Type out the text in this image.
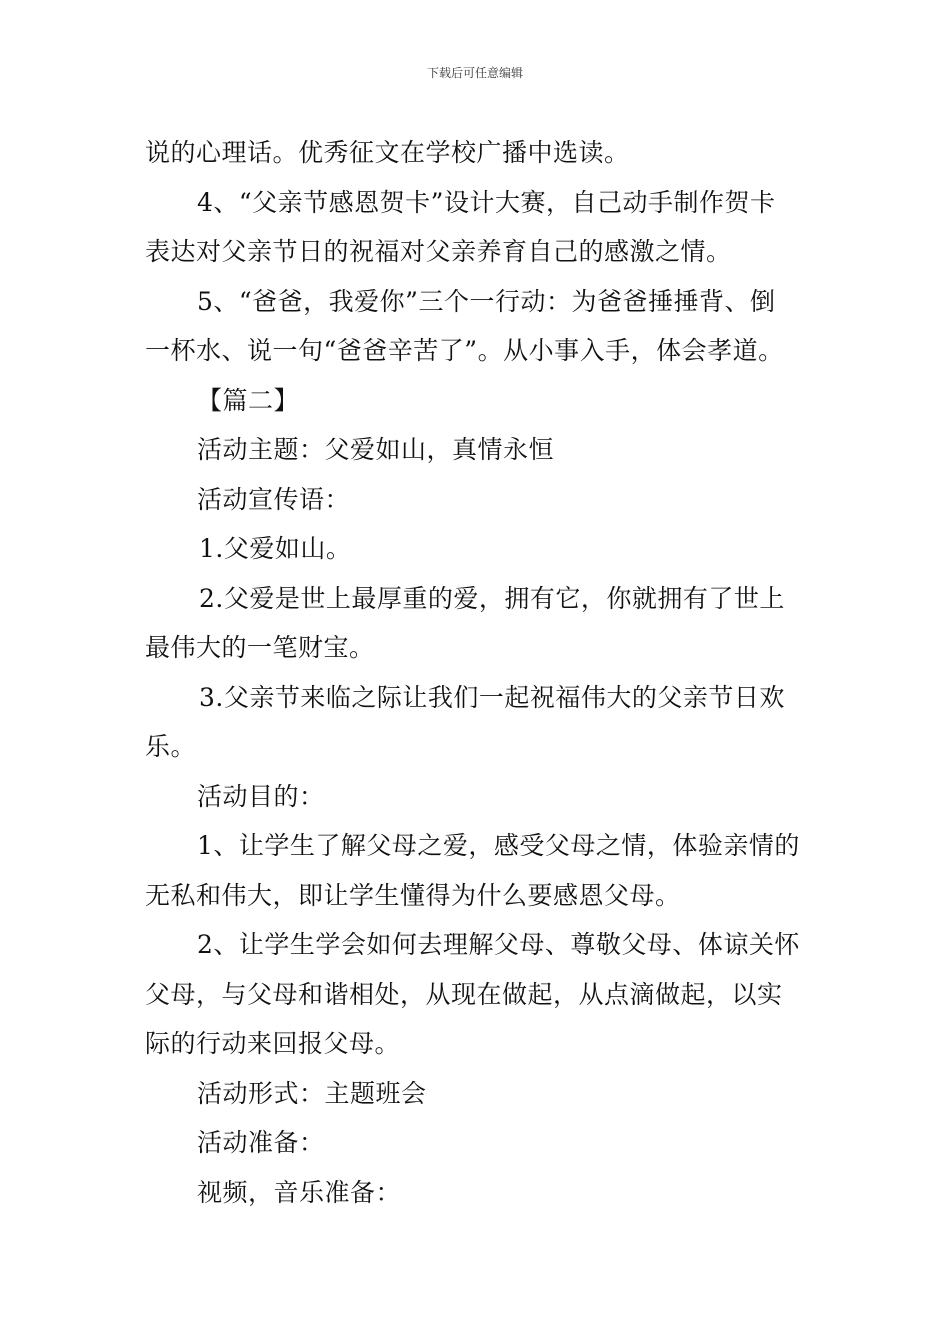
下载后可任意编辑

说的心理话。优秀征文在学校广播中选读。

4、“父亲节感恩贺卡”设计大赛，自己动手制作贺卡

表达对父亲节日的祝福对父亲养育自己的感激之情。

5、“爸爸，我爱你”三个一行动：为爸爸捶捶背、倒

一杯水、说一句“爸爸辛苦了”。从小事入手，体会孝道。

【篇二】

活动主题：父爱如山，真情永恒

活动宣传语：

1.父爱如山。

2.父爱是世上最厚重的爱，拥有它，你就拥有了世上

最伟大的一笔财宝。

3.父亲节来临之际让我们一起祝福伟大的父亲节日欢

乐。

活动目的：

1、让学生了解父母之爱，感受父母之情，体验亲情的

无私和伟大，即让学生懂得为什么要感恩父母。

2、让学生学会如何去理解父母、尊敬父母、体谅关怀

父母，与父母和谐相处，从现在做起，从点滴做起，以实

际的行动来回报父母。

活动形式：主题班会

活动准备：

视频，音乐准备：
